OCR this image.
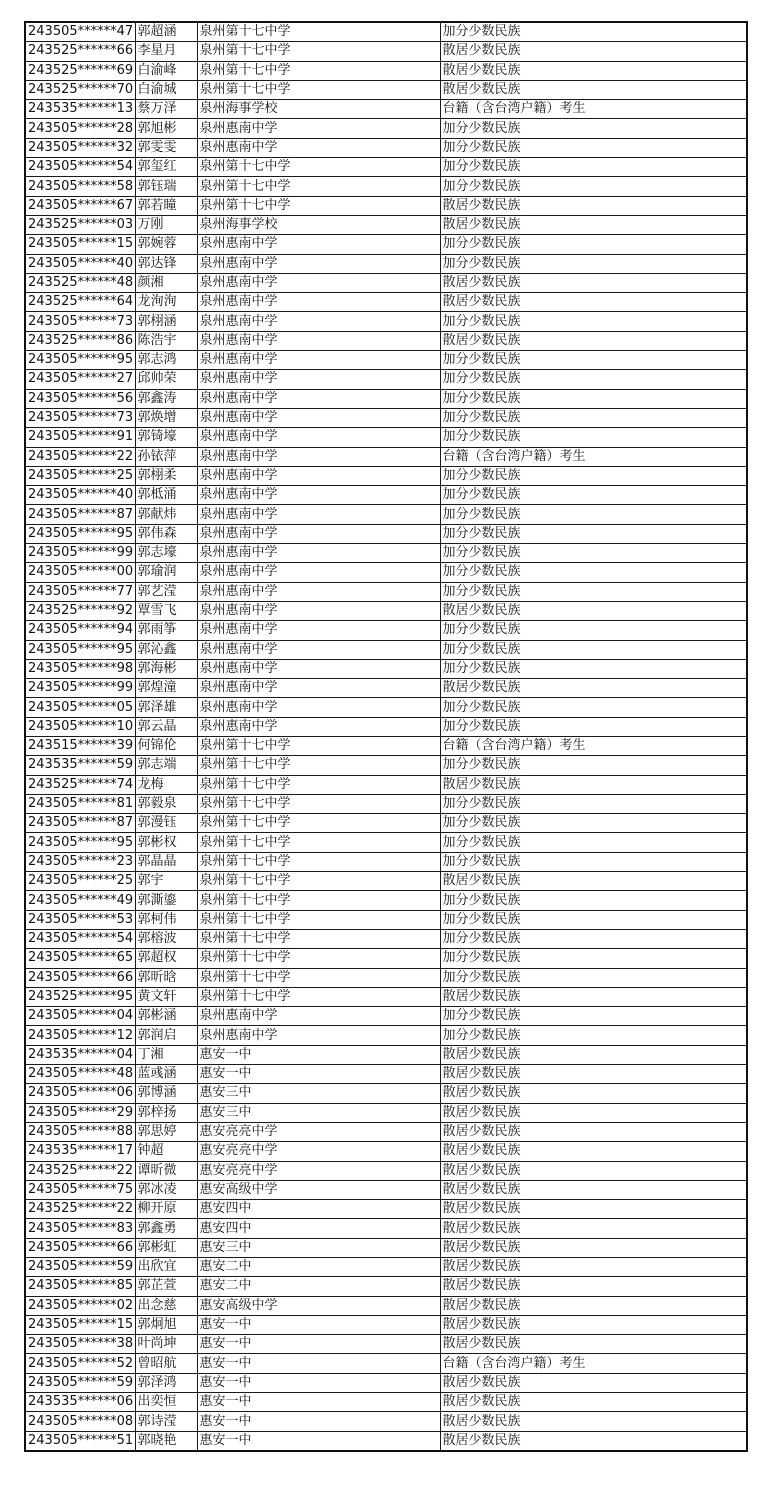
243505******47	郭超涵	泉州第十七中学	加分少数民族
243525******66	李星月	泉州第十七中学	散居少数民族
243525******69	白渝峰	泉州第十七中学	散居少数民族
243525******70	白渝城	泉州第十七中学	散居少数民族
243535******13	蔡万泽	泉州海事学校	台籍（含台湾户籍）考生
243505******28	郭旭彬	泉州惠南中学	加分少数民族
243505******32	郭雯雯	泉州惠南中学	加分少数民族
243505******54	郭玺红	泉州第十七中学	加分少数民族
243505******58	郭钰瑞	泉州第十七中学	加分少数民族
243505******67	郭若瞳	泉州第十七中学	散居少数民族
243525******03	万刚	泉州海事学校	散居少数民族
243505******15	郭婉蓉	泉州惠南中学	加分少数民族
243505******40	郭达锋	泉州惠南中学	加分少数民族
243525******48	颜湘	泉州惠南中学	散居少数民族
243525******64	龙洵洵	泉州惠南中学	散居少数民族
243505******73	郭栩涵	泉州惠南中学	加分少数民族
243525******86	陈浩宇	泉州惠南中学	散居少数民族
243505******95	郭志鸿	泉州惠南中学	加分少数民族
243505******27	邱帅荣	泉州惠南中学	加分少数民族
243505******56	郭鑫涛	泉州惠南中学	加分少数民族
243505******73	郭焕增	泉州惠南中学	加分少数民族
243505******91	郭锜壕	泉州惠南中学	加分少数民族
243505******22	孙铱萍	泉州惠南中学	台籍（含台湾户籍）考生
243505******25	郭栩柔	泉州惠南中学	加分少数民族
243505******40	郭柢涌	泉州惠南中学	加分少数民族
243505******87	郭献炜	泉州惠南中学	加分少数民族
243505******95	郭伟森	泉州惠南中学	加分少数民族
243505******99	郭志壕	泉州惠南中学	加分少数民族
243505******00	郭瑜润	泉州惠南中学	加分少数民族
243505******77	郭艺滢	泉州惠南中学	加分少数民族
243525******92	覃雪飞	泉州惠南中学	散居少数民族
243505******94	郭雨筝	泉州惠南中学	加分少数民族
243505******95	郭沁鑫	泉州惠南中学	加分少数民族
243505******98	郭海彬	泉州惠南中学	加分少数民族
243505******99	郭煌潼	泉州惠南中学	散居少数民族
243505******05	郭泽雄	泉州惠南中学	加分少数民族
243505******10	郭云晶	泉州惠南中学	加分少数民族
243515******39	何锦伦	泉州第十七中学	台籍（含台湾户籍）考生
243535******59	郭志端	泉州第十七中学	加分少数民族
243525******74	龙梅	泉州第十七中学	散居少数民族
243505******81	郭毅泉	泉州第十七中学	加分少数民族
243505******87	郭漫钰	泉州第十七中学	加分少数民族
243505******95	郭彬权	泉州第十七中学	加分少数民族
243505******23	郭晶晶	泉州第十七中学	加分少数民族
243505******25	郭宇	泉州第十七中学	散居少数民族
243505******49	郭澌鎏	泉州第十七中学	加分少数民族
243505******53	郭柯伟	泉州第十七中学	加分少数民族
243505******54	郭榕波	泉州第十七中学	加分少数民族
243505******65	郭超权	泉州第十七中学	加分少数民族
243505******66	郭昕晗	泉州第十七中学	加分少数民族
243525******95	黄文轩	泉州第十七中学	散居少数民族
243505******04	郭彬涵	泉州惠南中学	加分少数民族
243505******12	郭润启	泉州惠南中学	加分少数民族
243535******04	丁湘	惠安一中	散居少数民族
243505******48	蓝彧涵	惠安一中	散居少数民族
243505******06	郭博涵	惠安三中	散居少数民族
243505******29	郭梓扬	惠安三中	散居少数民族
243505******88	郭思婷	惠安亮亮中学	散居少数民族
243535******17	钟超	惠安亮亮中学	散居少数民族
243525******22	谭昕微	惠安亮亮中学	散居少数民族
243505******75	郭冰凌	惠安高级中学	散居少数民族
243525******22	柳开原	惠安四中	散居少数民族
243505******83	郭鑫勇	惠安四中	散居少数民族
243505******66	郭彬虹	惠安三中	散居少数民族
243505******59	出欣宜	惠安二中	散居少数民族
243505******85	郭芷萱	惠安二中	散居少数民族
243505******02	出念慈	惠安高级中学	散居少数民族
243505******15	郭炯旭	惠安一中	散居少数民族
243505******38	叶尚坤	惠安一中	散居少数民族
243505******52	曾昭航	惠安一中	台籍（含台湾户籍）考生
243505******59	郭泽鸿	惠安一中	散居少数民族
243535******06	出奕恒	惠安一中	散居少数民族
243505******08	郭诗滢	惠安一中	散居少数民族
243505******51	郭晓艳	惠安一中	散居少数民族
